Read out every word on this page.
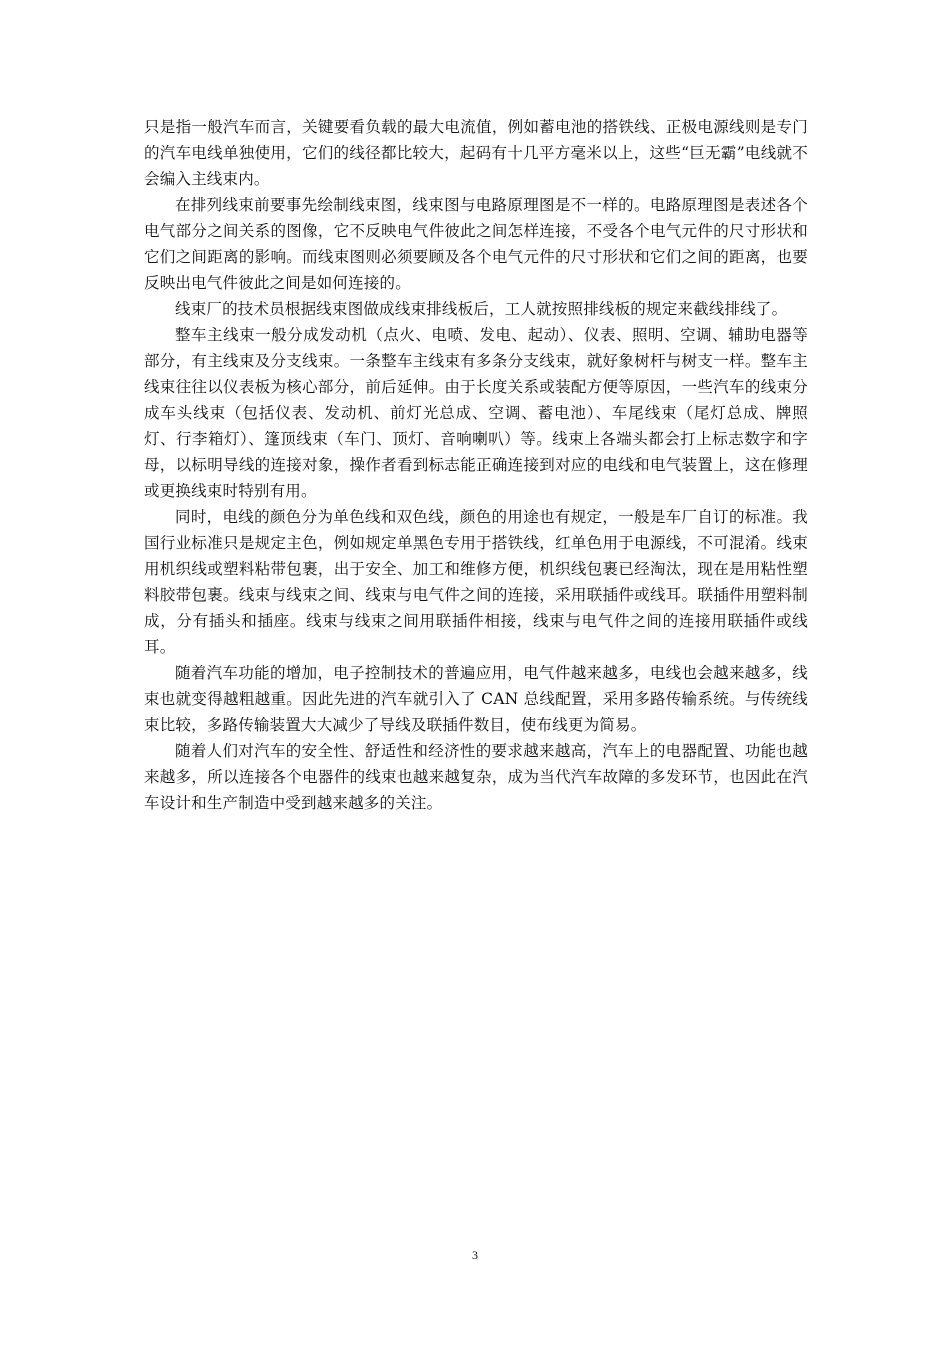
只是指一般汽车而言，关键要看负载的最大电流值，例如蓄电池的搭铁线、正极电源线则是专门的汽车电线单独使用，它们的线径都比较大，起码有十几平方毫米以上，这些“巨无霸”电线就不会编入主线束内。

在排列线束前要事先绘制线束图，线束图与电路原理图是不一样的。电路原理图是表述各个电气部分之间关系的图像，它不反映电气件彼此之间怎样连接，不受各个电气元件的尺寸形状和它们之间距离的影响。而线束图则必须要顾及各个电气元件的尺寸形状和它们之间的距离，也要反映出电气件彼此之间是如何连接的。

线束厂的技术员根据线束图做成线束排线板后，工人就按照排线板的规定来截线排线了。

整车主线束一般分成发动机（点火、电喷、发电、起动）、仪表、照明、空调、辅助电器等部分，有主线束及分支线束。一条整车主线束有多条分支线束，就好象树杆与树支一样。整车主线束往往以仪表板为核心部分，前后延伸。由于长度关系或装配方便等原因，一些汽车的线束分成车头线束（包括仪表、发动机、前灯光总成、空调、蓄电池）、车尾线束（尾灯总成、牌照灯、行李箱灯）、篷顶线束（车门、顶灯、音响喇叭）等。线束上各端头都会打上标志数字和字母，以标明导线的连接对象，操作者看到标志能正确连接到对应的电线和电气装置上，这在修理或更换线束时特别有用。

同时，电线的颜色分为单色线和双色线，颜色的用途也有规定，一般是车厂自订的标准。我国行业标准只是规定主色，例如规定单黑色专用于搭铁线，红单色用于电源线，不可混淆。线束用机织线或塑料粘带包裹，出于安全、加工和维修方便，机织线包裹已经淘汰，现在是用粘性塑料胶带包裹。线束与线束之间、线束与电气件之间的连接，采用联插件或线耳。联插件用塑料制成，分有插头和插座。线束与线束之间用联插件相接，线束与电气件之间的连接用联插件或线耳。

随着汽车功能的增加，电子控制技术的普遍应用，电气件越来越多，电线也会越来越多，线束也就变得越粗越重。因此先进的汽车就引入了 CAN 总线配置，采用多路传输系统。与传统线束比较，多路传输装置大大减少了导线及联插件数目，使布线更为简易。

随着人们对汽车的安全性、舒适性和经济性的要求越来越高，汽车上的电器配置、功能也越来越多，所以连接各个电器件的线束也越来越复杂，成为当代汽车故障的多发环节，也因此在汽车设计和生产制造中受到越来越多的关注。

3
